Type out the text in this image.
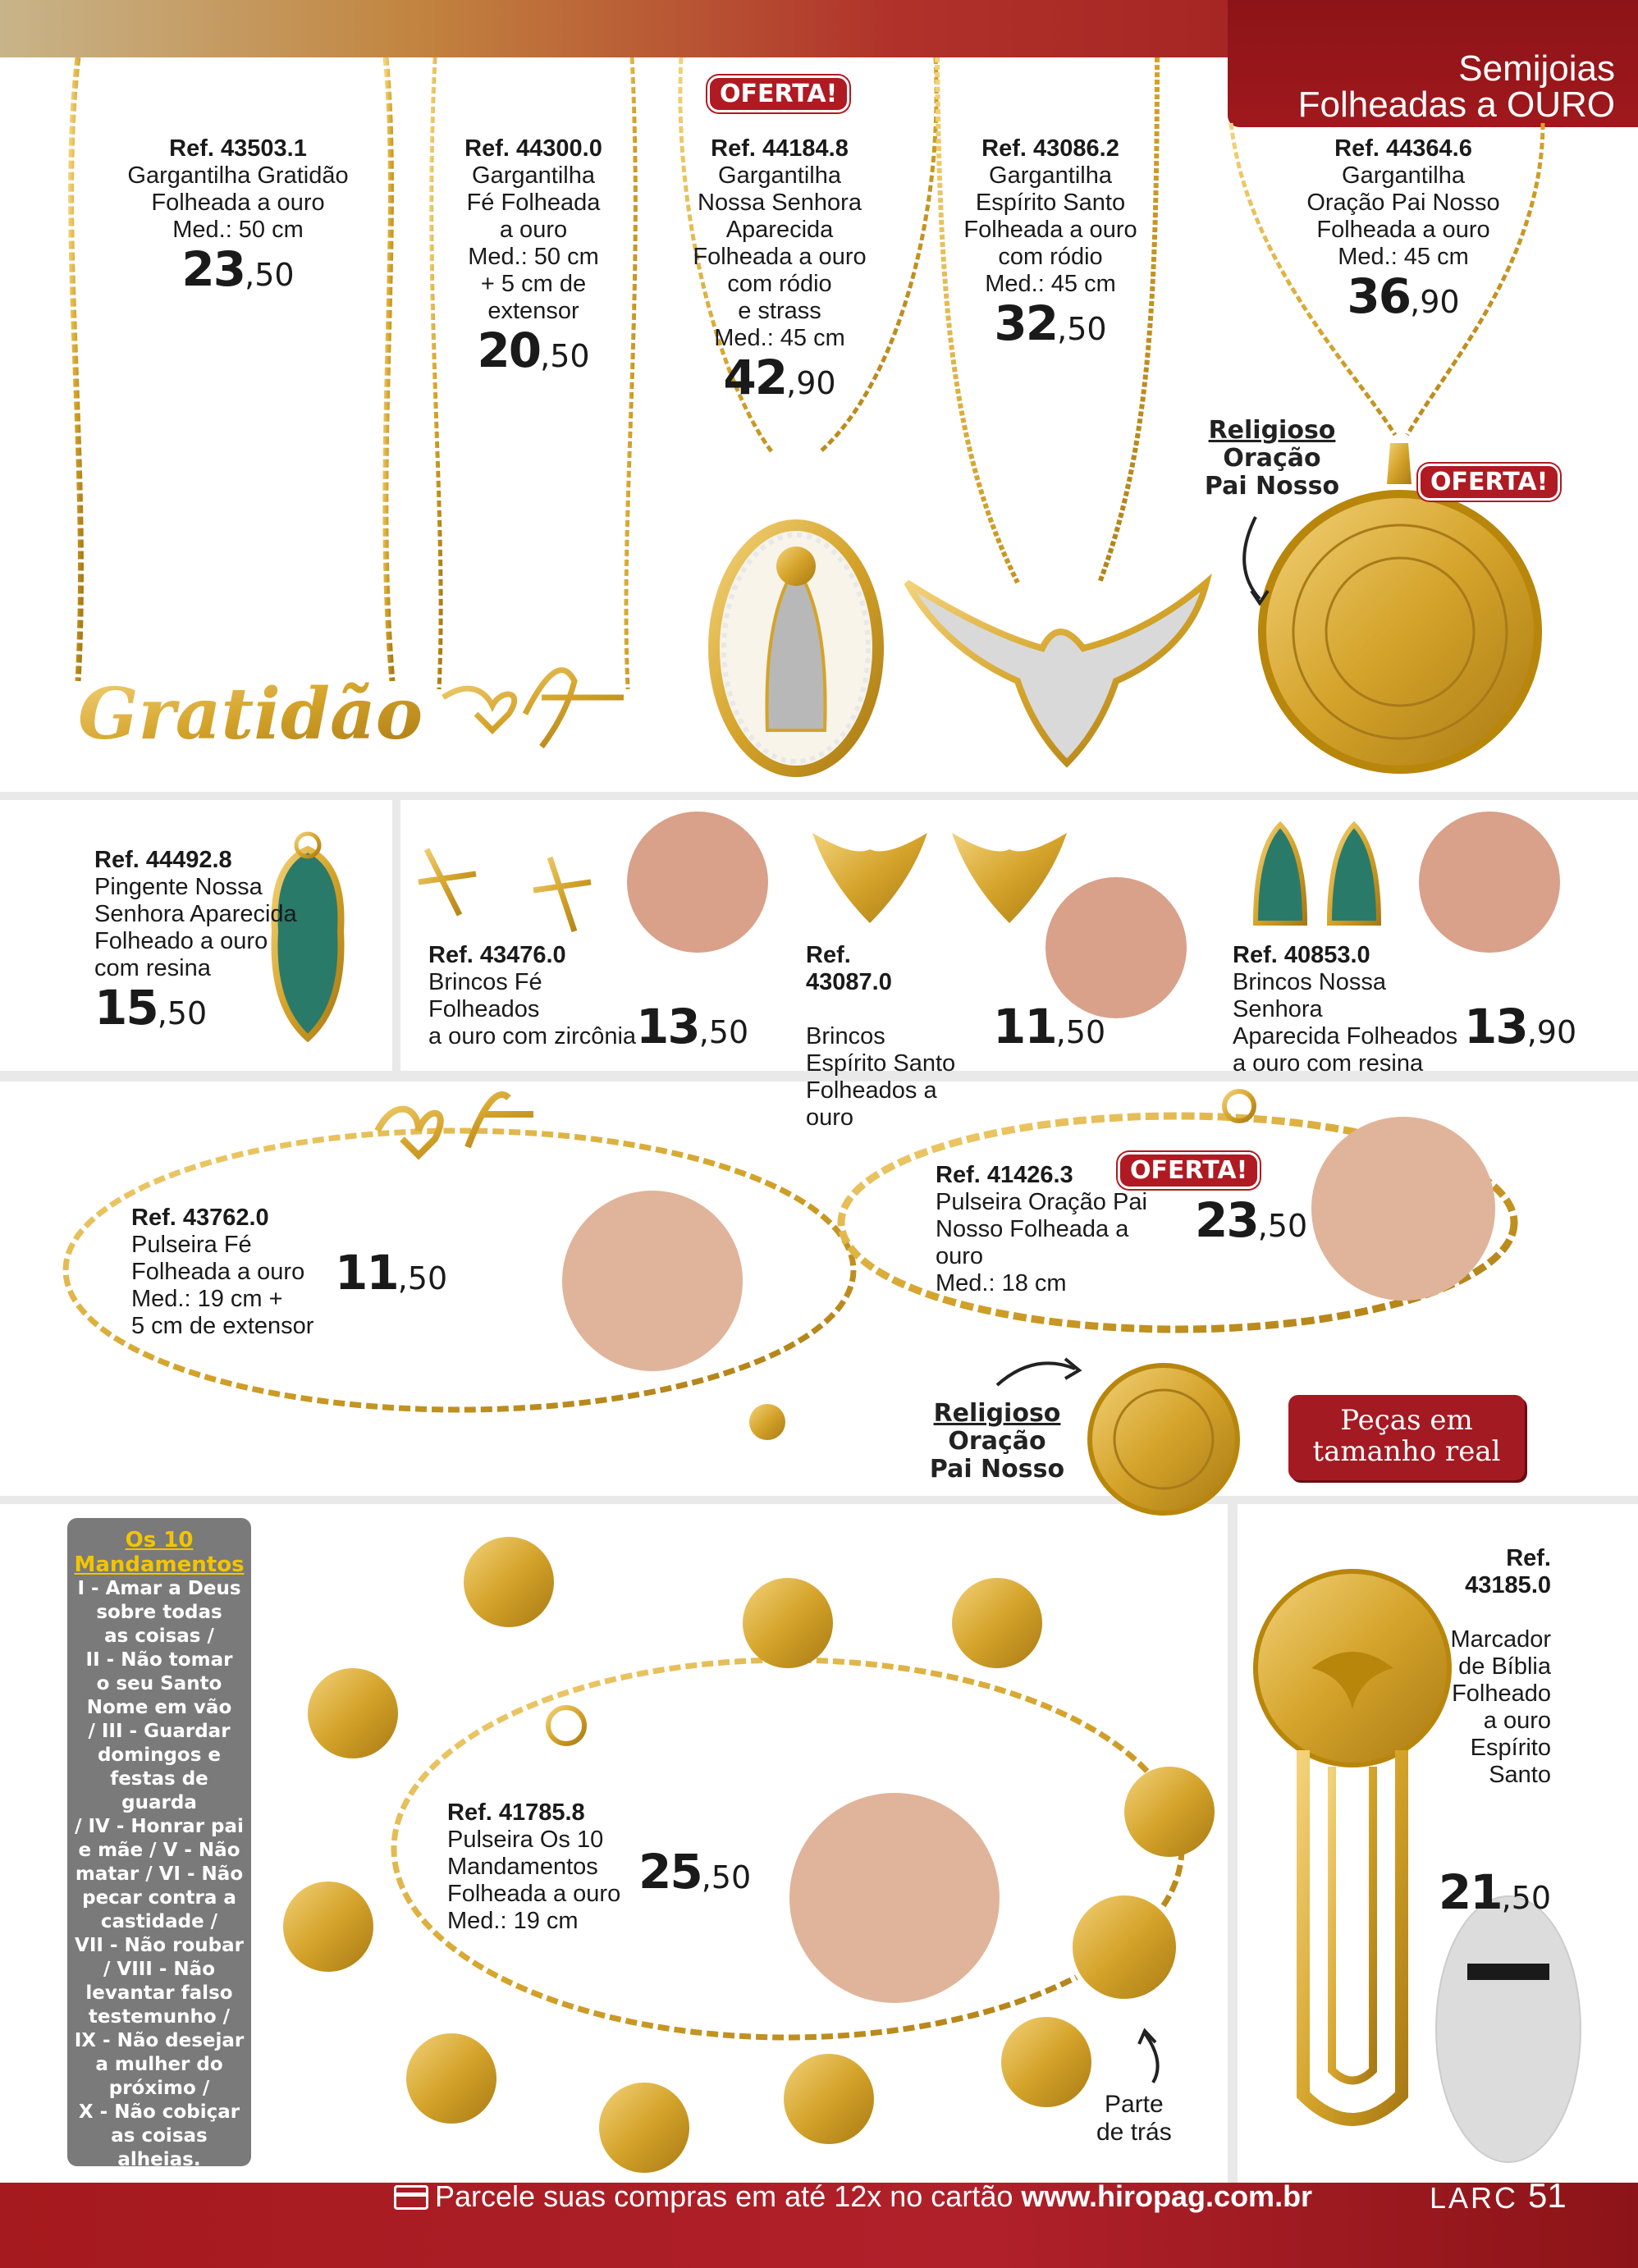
Semijoias
Folheadas a OURO
Gratidão
Ref. 43503.1
Gargantilha Gratidão
Folheada a ouro
Med.: 50 cm
23,50
Ref. 44300.0
Gargantilha
Fé Folheada
a ouro
Med.: 50 cm
+ 5 cm de
extensor
20,50
OFERTA!
Ref. 44184.8
Gargantilha
Nossa Senhora
Aparecida
Folheada a ouro
com ródio
e strass
Med.: 45 cm
42,90
Ref. 43086.2
Gargantilha
Espírito Santo
Folheada a ouro
com ródio
Med.: 45 cm
32,50
Ref. 44364.6
Gargantilha
Oração Pai Nosso
Folheada a ouro
Med.: 45 cm
36,90
Religioso
Oração
Pai Nosso	OFERTA!
Ref. 44492.8
Pingente Nossa
Senhora Aparecida
Folheado a ouro
com resina
15,50
Ref. 43476.0
Brincos Fé
Folheados
a ouro com zircônia 13,50

Ref.
43087.0

Brincos
Espírito Santo
Folheados a ouro

11,50
Ref. 40853.0
Brincos Nossa Senhora
Aparecida Folheados
a ouro com resina
13,90
Ref. 43762.0
Pulseira Fé
Folheada a ouro
Med.: 19 cm +
5 cm de extensor
11,50
OFERTA!
Ref. 41426.3
Pulseira Oração Pai
Nosso Folheada a ouro
Med.: 18 cm
23,50
Religioso
Oração
Pai Nosso
Peças em
tamanho real
Os 10
Mandamentos
I - Amar a Deus
sobre todas
as coisas /
II - Não tomar
o seu Santo
Nome em vão
/ III - Guardar
domingos e
festas de guarda
/ IV - Honrar pai
e mãe / V - Não
matar / VI - Não
pecar contra a
castidade /
VII - Não roubar
/ VIII - Não
levantar falso
testemunho /
IX - Não desejar
a mulher do
próximo /
X - Não cobiçar
as coisas
alheias.
Ref. 41785.8
Pulseira Os 10
Mandamentos
Folheada a ouro
Med.: 19 cm
25,50
Parte
de trás

Ref.
43185.0

Marcador
de Bíblia
Folheado
a ouro
Espírito
Santo

21,50

Parcele suas compras em até 12x no cartão www.hiropag.com.br	LARC 51
